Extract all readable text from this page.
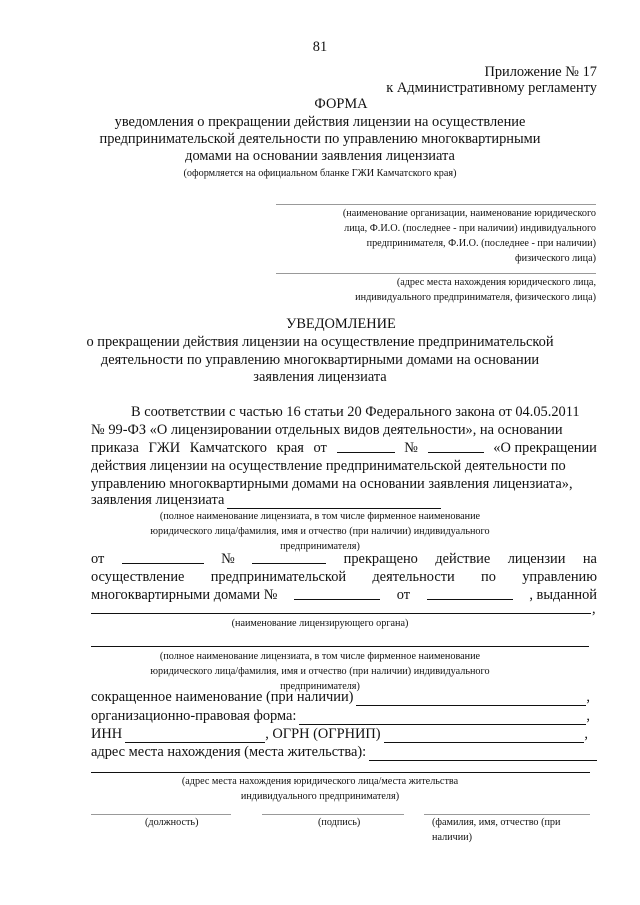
81
Приложение № 17
к Административному регламенту
ФОРМА
уведомления о прекращении действия лицензии на осуществление
предпринимательской деятельности по управлению многоквартирными
домами на основании заявления лицензиата
(оформляется на официальном бланке ГЖИ Камчатского края)
(наименование организации, наименование юридического
лица, Ф.И.О. (последнее - при наличии) индивидуального
предпринимателя, Ф.И.О. (последнее - при наличии)
физического лица)
(адрес места нахождения юридического лица,
индивидуального предпринимателя, физического лица)
УВЕДОМЛЕНИЕ
о прекращении действия лицензии на осуществление предпринимательской
деятельности по управлению многоквартирными домами на основании
заявления лицензиата
В соответствии с частью 16 статьи 20 Федерального закона от 04.05.2011
№ 99-ФЗ «О лицензировании отдельных видов деятельности», на основании
приказа ГЖИ Камчатского края от	№	«О прекращении
действия лицензии на осуществление предпринимательской деятельности по
управлению многоквартирными домами на основании заявления лицензиата»,
заявления лицензиата
(полное наименование лицензиата, в том числе фирменное наименование
юридического лица/фамилия, имя и отчество (при наличии) индивидуального
предпринимателя)
от	№	прекращено действие лицензии на
осуществление предпринимательской деятельности по управлению
многоквартирными домами №	от	, выданной
,
(наименование лицензирующего органа)
(полное наименование лицензиата, в том числе фирменное наименование
юридического лица/фамилия, имя и отчество (при наличии) индивидуального
предпринимателя)
сокращенное наименование (при наличии)	,
организационно-правовая форма:	,
ИНН	, ОГРН (ОГРНИП)	,
адрес места нахождения (места жительства):
(адрес места нахождения юридического лица/места жительства
индивидуального предпринимателя)
(должность)	(подпись)	(фамилия, имя, отчество (при
наличии)
